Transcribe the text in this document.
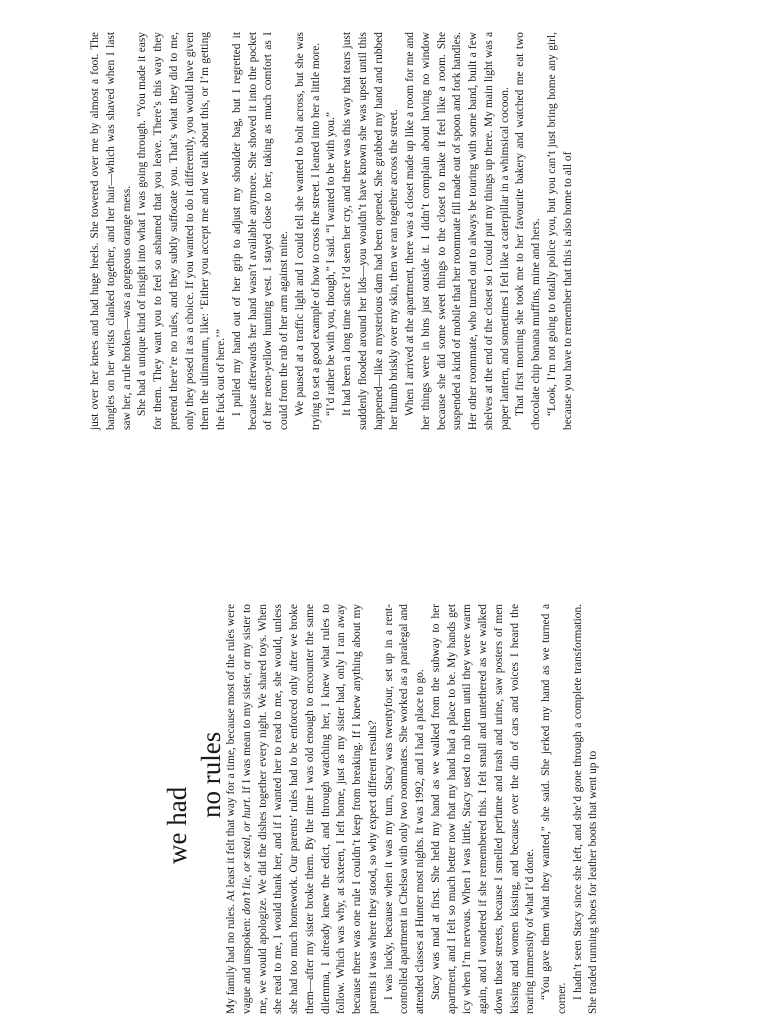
we had
no rules

My family had no rules. At least it felt that way for a time, because most of the rules were vague and unspoken: don’t lie, or steal, or hurt. If I was mean to my sister, or my sister to me, we would apologize. We did the dishes together every night. We shared toys. When she read to me, I would thank her, and if I wanted her to read to me, she would, unless she had too much homework. Our parents’ rules had to be enforced only after we broke them—after my sister broke them. By the time I was old enough to encounter the same dilemma, I already knew the edict, and through watching her, I knew what rules to follow. Which was why, at sixteen, I left home, just as my sister had, only I ran away because there was one rule I couldn’t keep from breaking. If I knew anything about my parents it was where they stood, so why expect different results? I was lucky, because when it was my turn, Stacy was twentyfour, set up in a rent-controlled apartment in Chelsea with only two roommates. She worked as a paralegal and attended classes at Hunter most nights. It was 1992, and I had a place to go. Stacy was mad at first. She held my hand as we walked from the subway to her apartment, and I felt so much better now that my hand had a place to be. My hands get icy when I’m nervous. When I was little, Stacy used to rub them until they were warm again, and I wondered if she remembered this. I felt small and untethered as we walked down those streets, because I smelled perfume and trash and urine, saw posters of men kissing and women kissing, and because over the din of cars and voices I heard the roaring immensity of what I’d done. “You gave them what they wanted,” she said. She jerked my hand as we turned a corner. I hadn’t seen Stacy since she left, and she’d gone through a complete transformation. She traded running shoes for leather boots that went up to

just over her knees and had huge heels. She towered over me by almost a foot. The bangles on her wrists clanked together, and her hair—which was shaved when I last saw her, a rule broken—was a gorgeous orange mess. She had a unique kind of insight into what I was going through. “You made it easy for them. They want you to feel so ashamed that you leave. There’s this way they pretend there’re no rules, and they subtly suffocate you. That’s what they did to me, only they posed it as a choice. If you wanted to do it differently, you would have given them the ultimatum, like: ‘Either you accept me and we talk about this, or I’m getting the fuck out of here.’” I pulled my hand out of her grip to adjust my shoulder bag, but I regretted it because afterwards her hand wasn’t available anymore. She shoved it into the pocket of her neon-yellow hunting vest. I stayed close to her, taking as much comfort as I could from the rub of her arm against mine. We paused at a traffic light and I could tell she wanted to bolt across, but she was trying to set a good example of how to cross the street. I leaned into her a little more. “I’d rather be with you, though,” I said. “I wanted to be with you.” It had been a long time since I’d seen her cry, and there was this way that tears just suddenly flooded around her lids—you wouldn’t have known she was upset until this happened—like a mysterious dam had been opened. She grabbed my hand and rubbed her thumb briskly over my skin, then we ran together across the street. When I arrived at the apartment, there was a closet made up like a room for me and her things were in bins just outside it. I didn’t complain about having no window because she did some sweet things to the closet to make it feel like a room. She suspended a kind of mobile that her roommate fill made out of spoon and fork handles. Her other roommate, who turned out to always be touring with some band, built a few shelves at the end of the closet so I could put my things up there. My main light was a paper lantern, and sometimes I felt like a caterpillar in a whimsical cocoon. That first morning she took me to her favourite bakery and watched me eat two chocolate chip banana muffins, mine and hers. “Look, I’m not going to totally police you, but you can’t just bring home any girl, because you have to remember that this is also home to all of
